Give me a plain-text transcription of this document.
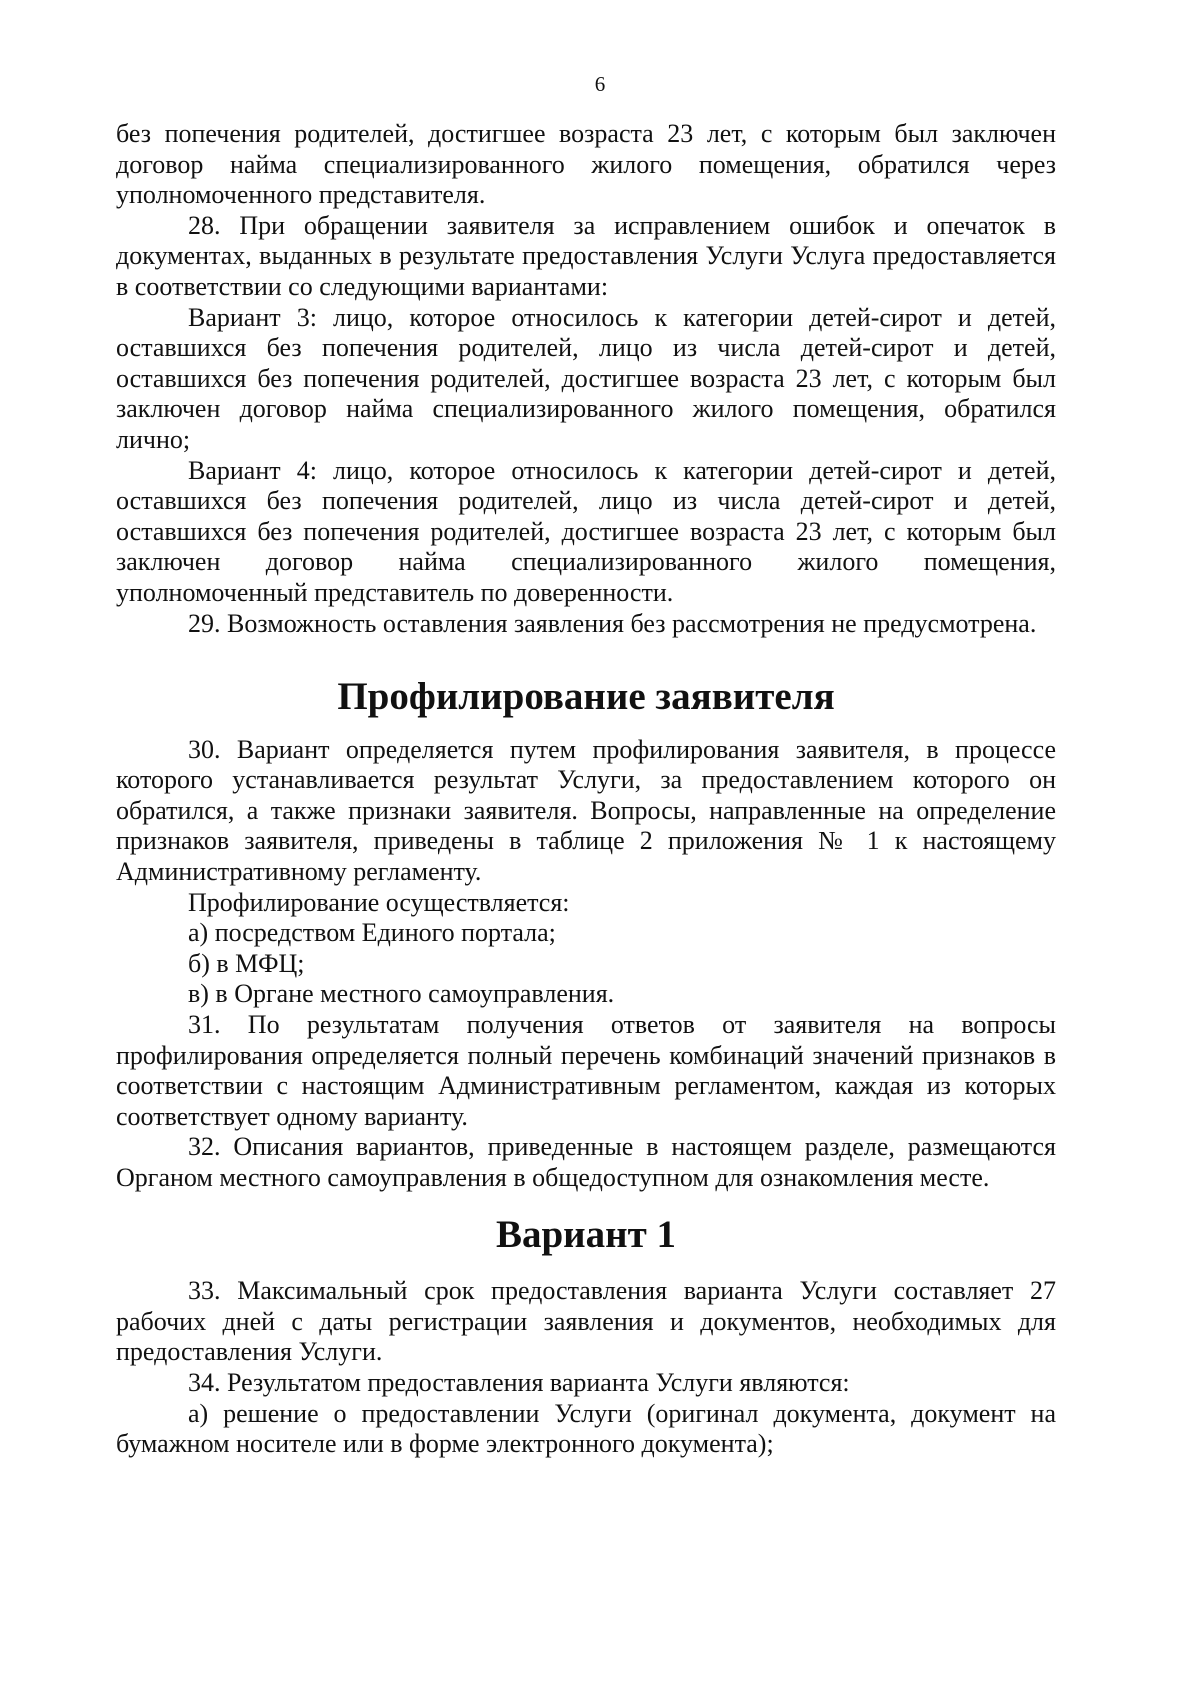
6

без попечения родителей, достигшее возраста 23 лет, с которым был заключен договор найма специализированного жилого помещения, обратился через уполномоченного представителя.

28. При обращении заявителя за исправлением ошибок и опечаток в документах, выданных в результате предоставления Услуги Услуга предоставляется в соответствии со следующими вариантами:

Вариант 3: лицо, которое относилось к категории детей-сирот и детей, оставшихся без попечения родителей, лицо из числа детей-сирот и детей, оставшихся без попечения родителей, достигшее возраста 23 лет, с которым был заключен договор найма специализированного жилого помещения, обратился лично;

Вариант 4: лицо, которое относилось к категории детей-сирот и детей, оставшихся без попечения родителей, лицо из числа детей-сирот и детей, оставшихся без попечения родителей, достигшее возраста 23 лет, с которым был заключен договор найма специализированного жилого помещения, уполномоченный представитель по доверенности.

29. Возможность оставления заявления без рассмотрения не предусмотрена.

Профилирование заявителя

30. Вариант определяется путем профилирования заявителя, в процессе которого устанавливается результат Услуги, за предоставлением которого он обратился, а также признаки заявителя. Вопросы, направленные на определение признаков заявителя, приведены в таблице 2 приложения № 1 к настоящему Административному регламенту.

Профилирование осуществляется:

а) посредством Единого портала;

б) в МФЦ;

в) в Органе местного самоуправления.

31. По результатам получения ответов от заявителя на вопросы профилирования определяется полный перечень комбинаций значений признаков в соответствии с настоящим Административным регламентом, каждая из которых соответствует одному варианту.

32. Описания вариантов, приведенные в настоящем разделе, размещаются Органом местного самоуправления в общедоступном для ознакомления месте.

Вариант 1

33. Максимальный срок предоставления варианта Услуги составляет 27 рабочих дней с даты регистрации заявления и документов, необходимых для предоставления Услуги.

34. Результатом предоставления варианта Услуги являются:

а) решение о предоставлении Услуги (оригинал документа, документ на бумажном носителе или в форме электронного документа);
